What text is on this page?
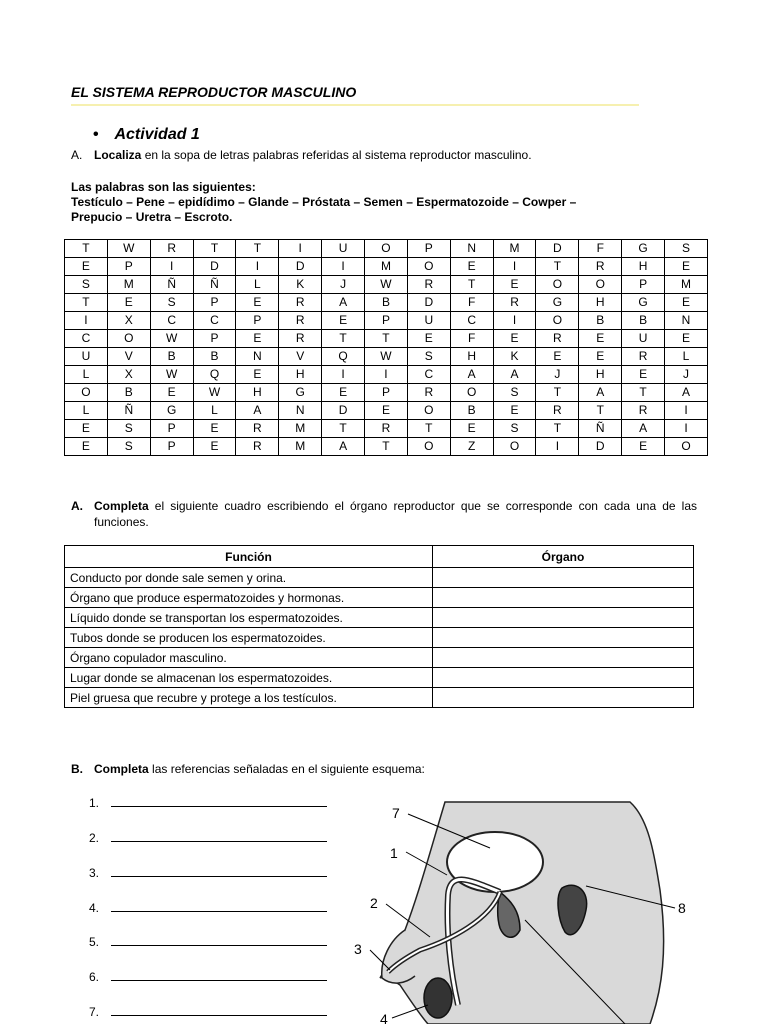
EL SISTEMA REPRODUCTOR MASCULINO
• Actividad 1
A. Localiza en la sopa de letras palabras referidas al sistema reproductor masculino.
Las palabras son las siguientes:
Testículo – Pene – epidídimo – Glande – Próstata – Semen – Espermatozoide – Cowper –
Prepucio – Uretra – Escroto.
T	W	R	T	T	I	U	O	P	N	M	D	F	G	S
E	P	I	D	I	D	I	M	O	E	I	T	R	H	E
S	M	Ñ	Ñ	L	K	J	W	R	T	E	O	O	P	M
T	E	S	P	E	R	A	B	D	F	R	G	H	G	E
I	X	C	C	P	R	E	P	U	C	I	O	B	B	N
C	O	W	P	E	R	T	T	E	F	E	R	E	U	E
U	V	B	B	N	V	Q	W	S	H	K	E	E	R	L
L	X	W	Q	E	H	I	I	C	A	A	J	H	E	J
O	B	E	W	H	G	E	P	R	O	S	T	A	T	A
L	Ñ	G	L	A	N	D	E	O	B	E	R	T	R	I
E	S	P	E	R	M	T	R	T	E	S	T	Ñ	A	I
E	S	P	E	R	M	A	T	O	Z	O	I	D	E	O
A. Completa el siguiente cuadro escribiendo el órgano reproductor que se corresponde con cada una de las funciones.
Función	Órgano
Conducto por donde sale semen y orina.	
Órgano que produce espermatozoides y hormonas.	
Líquido donde se transportan los espermatozoides.	
Tubos donde se producen los espermatozoides.	
Órgano copulador masculino.	
Lugar donde se almacenan los espermatozoides.	
Piel gruesa que recubre y protege a los testículos.	
B. Completa las referencias señaladas en el siguiente esquema:
1.
2.
3.
4.
5.
6.
7.
7
1
2
3
4
8
